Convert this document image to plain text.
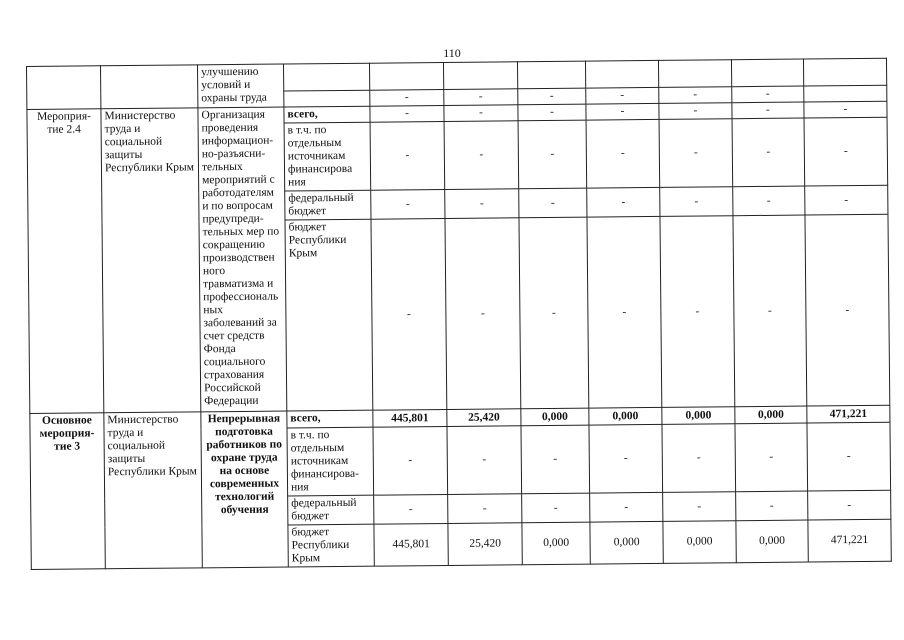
110
		улучшению условий и охраны труда								
				-	-	-	-	-	-	
Мероприя-тие 2.4	Министерство труда и социальной защиты Республики Крым	Организация проведения информацион-но-разъясни-тельных мероприятий с работодателям и по вопросам предупреди-тельных мер по сокращению производствен ного травматизма и профессиональ ных заболеваний за счет средств Фонда социального страхования Российской Федерации	всего,	-	-	-	-	-	-	-
			в т.ч. по отдельным источникам финансирова ния	-	-	-	-	-	-	-
			федеральный бюджет	-	-	-	-	-	-	-
			бюджет Республики Крым	-	-	-	-	-	-	-
Основное мероприя-тие 3	Министерство труда и социальной защиты Республики Крым	Непрерывная подготовка работников по охране труда на основе современных технологий обучения	всего,	445,801	25,420	0,000	0,000	0,000	0,000	471,221
			в т.ч. по отдельным источникам финансирова-ния	-	-	-	-	-	-	-
			федеральный бюджет	-	-	-	-	-	-	-
			бюджет Республики Крым	445,801	25,420	0,000	0,000	0,000	0,000	471,221
